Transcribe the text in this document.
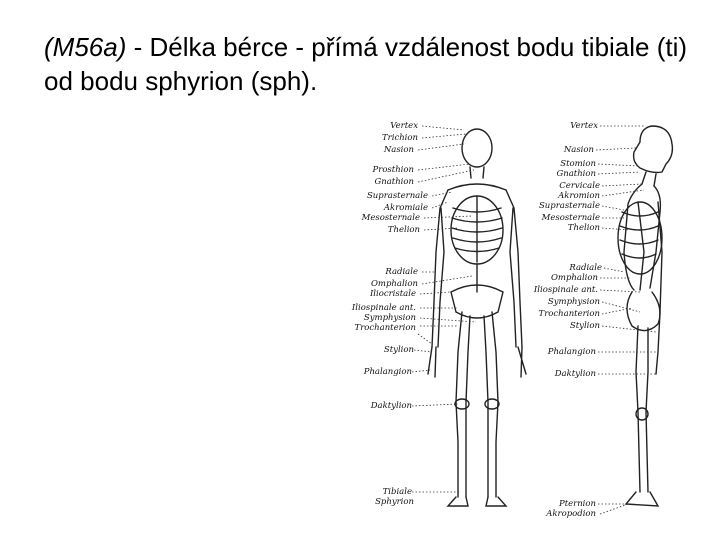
(M56a) - Délka bérce - přímá vzdálenost bodu tibiale (ti) od bodu sphyrion (sph).
Vertex
Trichion
Nasion
Prosthion
Gnathion
Suprasternale
Akromiale
Mesosternale
Thelion
Radiale
Omphalion
Iliocristale
Iliospinale ant.
Symphysion
Trochanterion
Stylion
Phalangion
Daktylion
Tibiale
Sphyrion
Vertex
Nasion
Stomion
Gnathion
Cervicale
Akromion
Suprasternale
Mesosternale
Thelion
Radiale
Omphalion
Iliospinale ant.
Symphysion
Trochanterion
Stylion
Phalangion
Daktylion
Pternion
Akropodion
